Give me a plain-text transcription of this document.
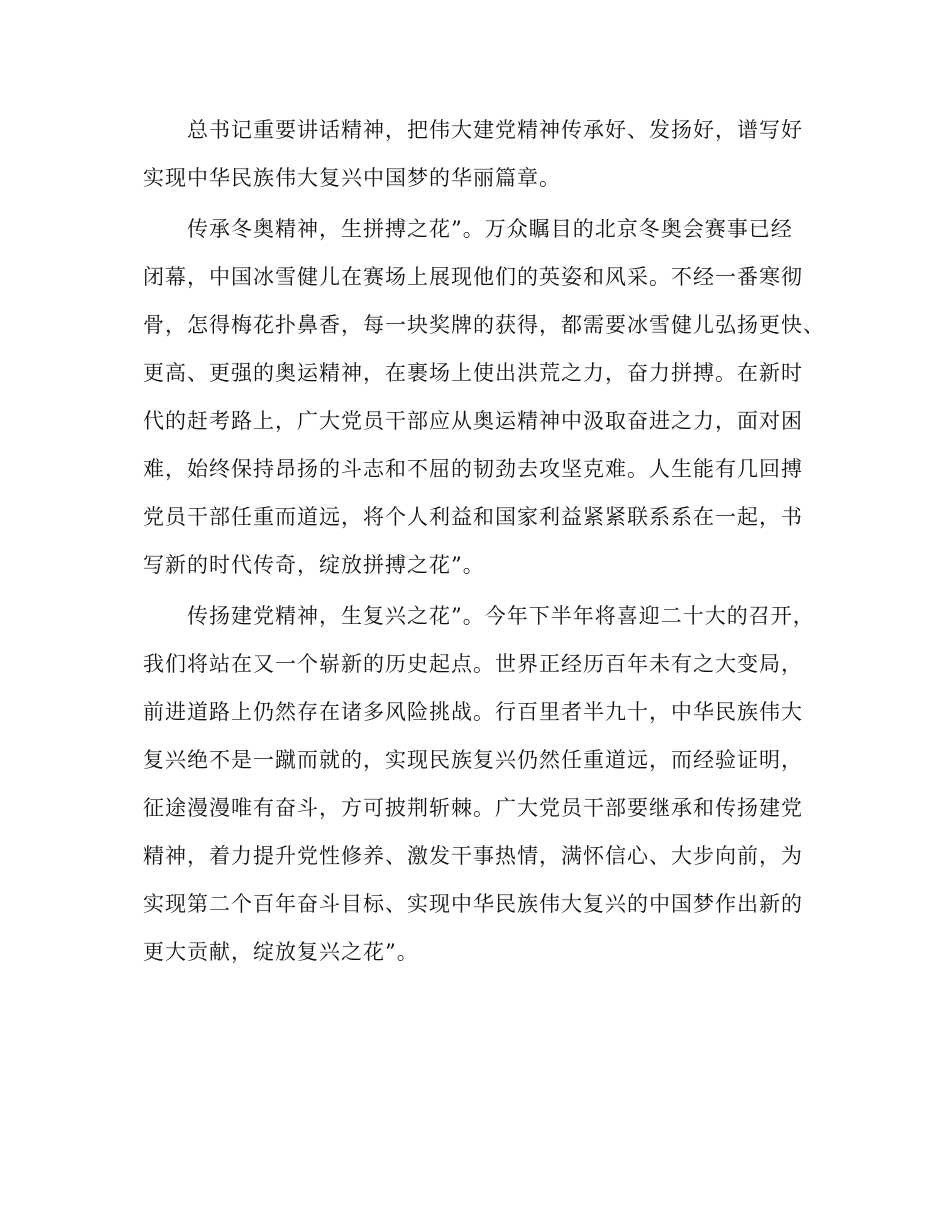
总书记重要讲话精神，把伟大建党精神传承好、发扬好，谱写好
实现中华民族伟大复兴中国梦的华丽篇章。
传承冬奥精神，生拼搏之花”。万众瞩目的北京冬奥会赛事已经
闭幕，中国冰雪健儿在赛场上展现他们的英姿和风采。不经一番寒彻
骨，怎得梅花扑鼻香，每一块奖牌的获得，都需要冰雪健儿弘扬更快、
更高、更强的奥运精神，在裹场上使出洪荒之力，奋力拼搏。在新时
代的赶考路上，广大党员干部应从奥运精神中汲取奋进之力，面对困
难，始终保持昂扬的斗志和不屈的韧劲去攻坚克难。人生能有几回搏
党员干部任重而道远，将个人利益和国家利益紧紧联系系在一起，书
写新的时代传奇，绽放拼搏之花”。
传扬建党精神，生复兴之花”。今年下半年将喜迎二十大的召开，
我们将站在又一个崭新的历史起点。世界正经历百年未有之大变局，
前进道路上仍然存在诸多风险挑战。行百里者半九十，中华民族伟大
复兴绝不是一蹴而就的，实现民族复兴仍然任重道远，而经验证明，
征途漫漫唯有奋斗，方可披荆斩棘。广大党员干部要继承和传扬建党
精神，着力提升党性修养、激发干事热情，满怀信心、大步向前，为
实现第二个百年奋斗目标、实现中华民族伟大复兴的中国梦作出新的
更大贡献，绽放复兴之花”。
